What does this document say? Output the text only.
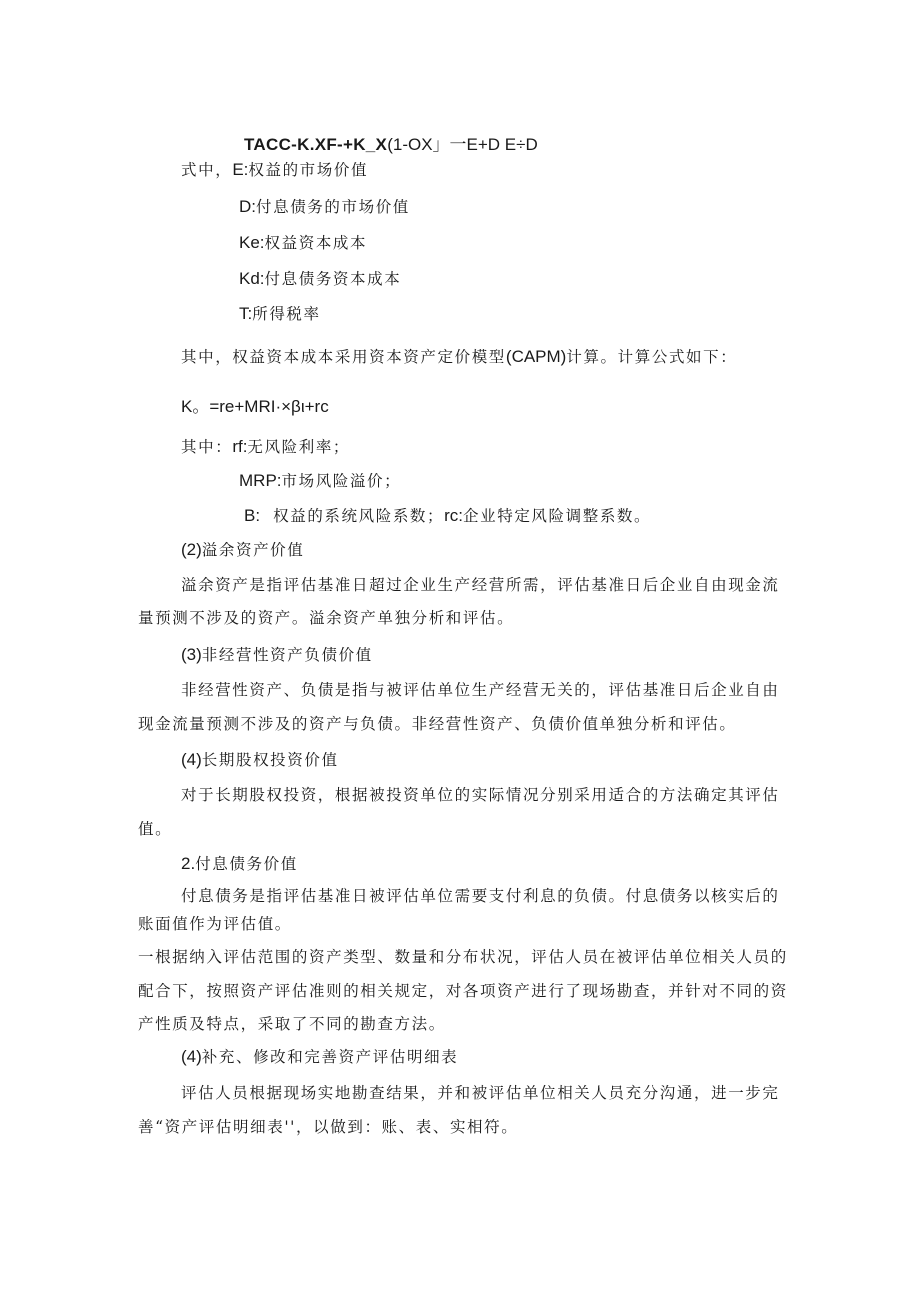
TACC-K.XF-+K_X(1-OX」一E+D E÷D
式中，E:权益的市场价值
D:付息债务的市场价值
Ke:权益资本成本
Kd:付息债务资本成本
T:所得税率
其中，权益资本成本采用资本资产定价模型(CAPM)计算。计算公式如下：
K。=re+MRI·×βι+rc
其中：rf:无风险利率；
MRP:市场风险溢价；
B: 权益的系统风险系数；rc:企业特定风险调整系数。
(2)溢余资产价值
溢余资产是指评估基准日超过企业生产经营所需，评估基准日后企业自由现金流
量预测不涉及的资产。溢余资产单独分析和评估。
(3)非经营性资产负债价值
非经营性资产、负债是指与被评估单位生产经营无关的，评估基准日后企业自由
现金流量预测不涉及的资产与负债。非经营性资产、负债价值单独分析和评估。
(4)长期股权投资价值
对于长期股权投资，根据被投资单位的实际情况分别采用适合的方法确定其评估
值。
2.付息债务价值
付息债务是指评估基准日被评估单位需要支付利息的负债。付息债务以核实后的
账面值作为评估值。
一根据纳入评估范围的资产类型、数量和分布状况，评估人员在被评估单位相关人员的
配合下，按照资产评估准则的相关规定，对各项资产进行了现场勘查，并针对不同的资
产性质及特点，采取了不同的勘查方法。
(4)补充、修改和完善资产评估明细表
评估人员根据现场实地勘查结果，并和被评估单位相关人员充分沟通，进一步完
善“资产评估明细表''，以做到：账、表、实相符。
